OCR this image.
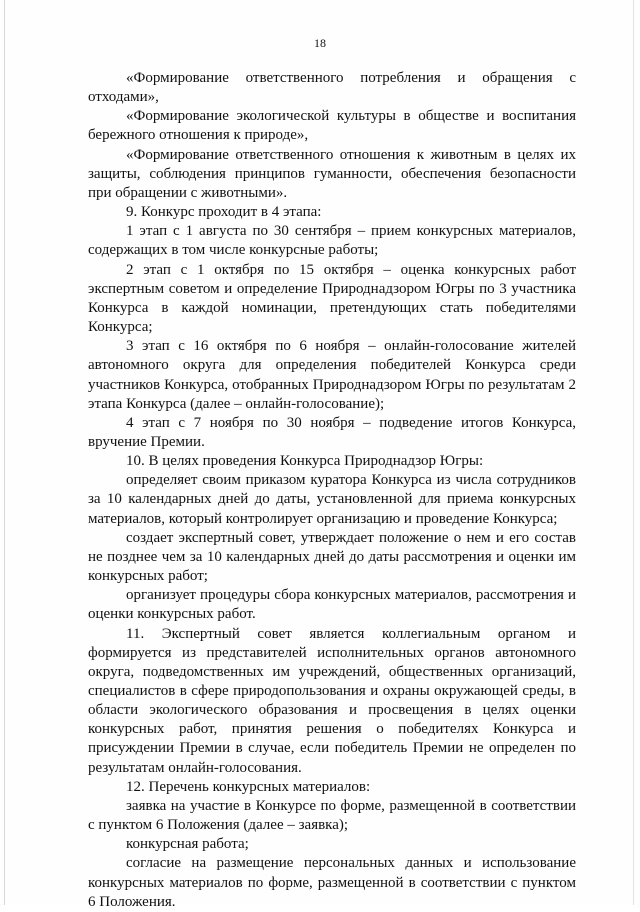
18

«Формирование ответственного потребления и обращения с отходами»,

«Формирование экологической культуры в обществе и воспитания бережного отношения к природе»,

«Формирование ответственного отношения к животным в целях их защиты, соблюдения принципов гуманности, обеспечения безопасности при обращении с животными».

9. Конкурс проходит в 4 этапа:

1 этап с 1 августа по 30 сентября – прием конкурсных материалов, содержащих в том числе конкурсные работы;

2 этап с 1 октября по 15 октября – оценка конкурсных работ экспертным советом и определение Природнадзором Югры по 3 участника Конкурса в каждой номинации, претендующих стать победителями Конкурса;

3 этап с 16 октября по 6 ноября – онлайн-голосование жителей автономного округа для определения победителей Конкурса среди участников Конкурса, отобранных Природнадзором Югры по результатам 2 этапа Конкурса (далее – онлайн-голосование);

4 этап с 7 ноября по 30 ноября – подведение итогов Конкурса, вручение Премии.

10. В целях проведения Конкурса Природнадзор Югры:

определяет своим приказом куратора Конкурса из числа сотрудников за 10 календарных дней до даты, установленной для приема конкурсных материалов, который контролирует организацию и проведение Конкурса;

создает экспертный совет, утверждает положение о нем и его состав не позднее чем за 10 календарных дней до даты рассмотрения и оценки им конкурсных работ;

организует процедуры сбора конкурсных материалов, рассмотрения и оценки конкурсных работ.

11. Экспертный совет является коллегиальным органом и формируется из представителей исполнительных органов автономного округа, подведомственных им учреждений, общественных организаций, специалистов в сфере природопользования и охраны окружающей среды, в области экологического образования и просвещения в целях оценки конкурсных работ, принятия решения о победителях Конкурса и присуждении Премии в случае, если победитель Премии не определен по результатам онлайн-голосования.

12. Перечень конкурсных материалов:

заявка на участие в Конкурсе по форме, размещенной в соответствии с пунктом 6 Положения (далее – заявка);

конкурсная работа;

согласие на размещение персональных данных и использование конкурсных материалов по форме, размещенной в соответствии с пунктом 6 Положения.
